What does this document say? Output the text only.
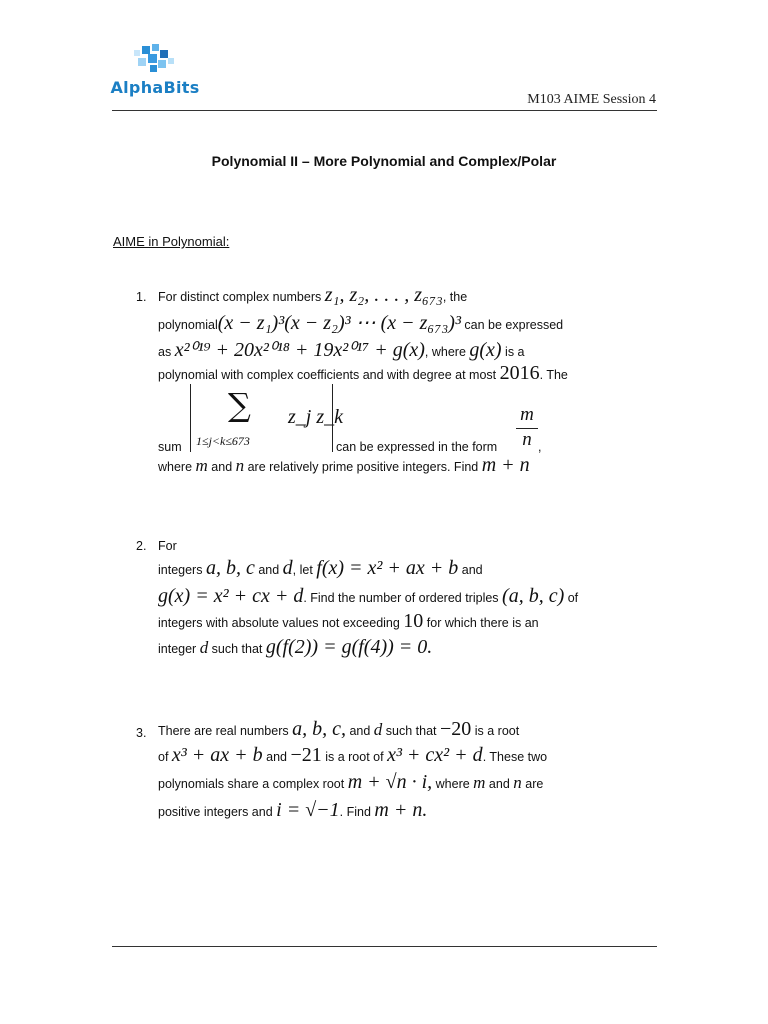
AlphaBits
M103 AIME Session 4
Polynomial II – More Polynomial and Complex/Polar
AIME in Polynomial:
1. For distinct complex numbers z₁, z₂, . . . , z₆₇₃, the
polynomial(x − z₁)³(x − z₂)³ ⋯ (x − z₆₇₃)³ can be expressed
as x²⁰¹⁹ + 20x²⁰¹⁸ + 19x²⁰¹⁷ + g(x), where g(x) is a
polynomial with complex coefficients and with degree at most 2016. The
sum
∑
1≤j<k≤673
z_j z_k
can be expressed in the form
m
n ,
where m and n are relatively prime positive integers. Find m + n
2. For
integers a, b, c and d, let f(x) = x² + ax + b and
g(x) = x² + cx + d. Find the number of ordered triples (a, b, c) of
integers with absolute values not exceeding 10 for which there is an
integer d such that g(f(2)) = g(f(4)) = 0.
3. There are real numbers a, b, c, and d such that −20 is a root
of x³ + ax + b and −21 is a root of x³ + cx² + d. These two
polynomials share a complex root m + √n · i, where m and n are
positive integers and i = √−1. Find m + n.
